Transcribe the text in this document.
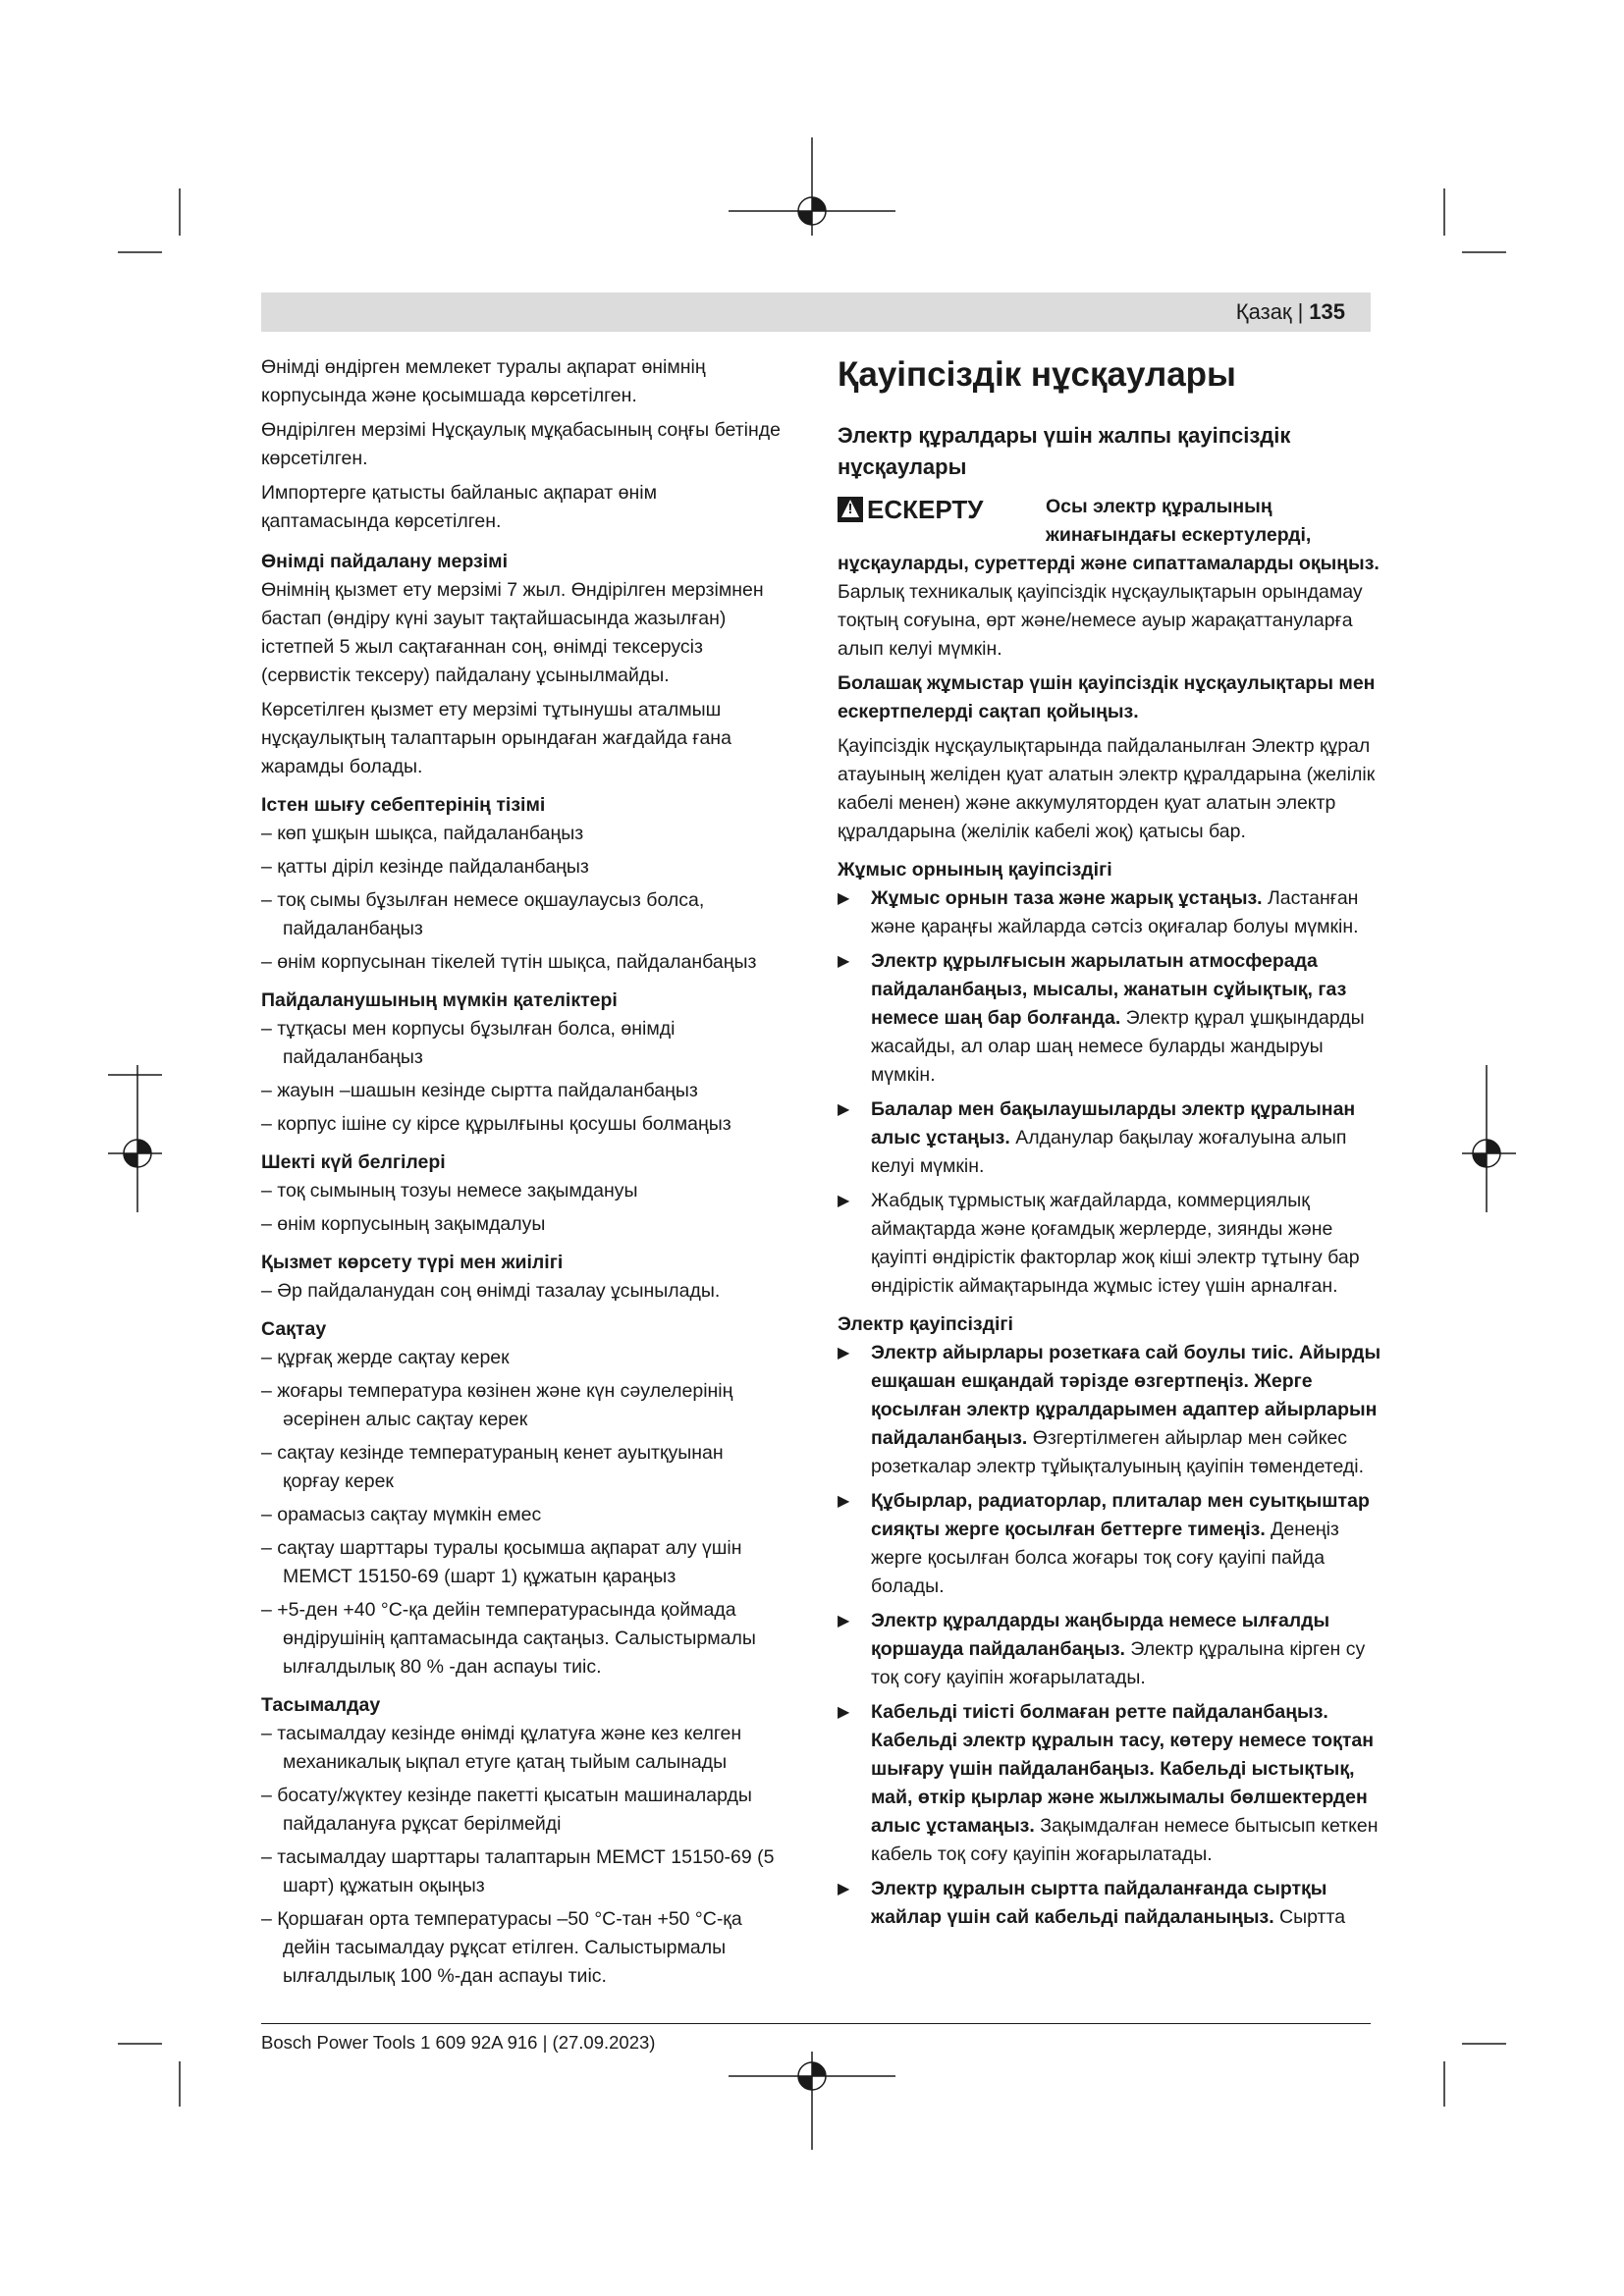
Қазақ | 135

Өнімді өндірген мемлекет туралы ақпарат өнімнің корпусында және қосымшада көрсетілген.

Өндірілген мерзімі Нұсқаулық мұқабасының соңғы бетінде көрсетілген.

Импортерге қатысты байланыс ақпарат өнім қаптамасында көрсетілген.

Өнімді пайдалану мерзімі

Өнімнің қызмет ету мерзімі 7 жыл. Өндірілген мерзімнен бастап (өндіру күні зауыт тақтайшасында жазылған) істетпей 5 жыл сақтағаннан соң, өнімді тексерусіз (сервистік тексеру) пайдалану ұсынылмайды.

Көрсетілген қызмет ету мерзімі тұтынушы аталмыш нұсқаулықтың талаптарын орындаған жағдайда ғана жарамды болады.

Істен шығу себептерінің тізімі
– көп ұшқын шықса, пайдаланбаңыз
– қатты діріл кезінде пайдаланбаңыз
– тоқ сымы бұзылған немесе оқшаулаусыз болса, пайдаланбаңыз
– өнім корпусынан тікелей түтін шықса, пайдаланбаңыз
Пайдаланушының мүмкін қателіктері
– тұтқасы мен корпусы бұзылған болса, өнімді пайдаланбаңыз
– жауын –шашын кезінде сыртта пайдаланбаңыз
– корпус ішіне су кірсе құрылғыны қосушы болмаңыз
Шекті күй белгілері
– тоқ сымының тозуы немесе зақымдануы
– өнім корпусының зақымдалуы
Қызмет көрсету түрі мен жиілігі
– Әр пайдаланудан соң өнімді тазалау ұсынылады.
Сақтау
– құрғақ жерде сақтау керек
– жоғары температура көзінен және күн сәулелерінің әсерінен алыс сақтау керек
– сақтау кезінде температураның кенет ауытқуынан қорғау керек
– орамасыз сақтау мүмкін емес
– сақтау шарттары туралы қосымша ақпарат алу үшін МЕМСТ 15150-69 (шарт 1) құжатын қараңыз
– +5-ден +40 °C-қа дейін температурасында қоймада өндірушінің қаптамасында сақтаңыз. Салыстырмалы ылғалдылық 80 % -дан аспауы тиіс.
Тасымалдау
– тасымалдау кезінде өнімді құлатуға және кез келген механикалық ықпал етуге қатаң тыйым салынады
– босату/жүктеу кезінде пакетті қысатын машиналарды пайдалануға рұқсат берілмейді
– тасымалдау шарттары талаптарын МЕМСТ 15150-69 (5 шарт) құжатын оқыңыз
– Қоршаған орта температурасы –50 °C-тан +50 °C-қа дейін тасымалдау рұқсат етілген. Салыстырмалы ылғалдылық 100 %-дан аспауы тиіс.
Қауіпсіздік нұсқаулары
Электр құралдары үшін жалпы қауіпсіздік нұсқаулары
! ЕСКЕРТУ	Осы электр құралының жинағындағы ескертулерді,

нұсқауларды, суреттерді және сипаттамаларды оқыңыз. Барлық техникалық қауіпсіздік нұсқаулықтарын орындамау тоқтың соғуына, өрт және/немесе ауыр жарақаттануларға алып келуі мүмкін.

Болашақ жұмыстар үшін қауіпсіздік нұсқаулықтары мен ескертпелерді сақтап қойыңыз.

Қауіпсіздік нұсқаулықтарында пайдаланылған Электр құрал атауының желіден қуат алатын электр құралдарына (желілік кабелі менен) және аккумуляторден қуат алатын электр құралдарына (желілік кабелі жоқ) қатысы бар.

Жұмыс орнының қауіпсіздігі
▶ Жұмыс орнын таза және жарық ұстаңыз. Ластанған және қараңғы жайларда сәтсіз оқиғалар болуы мүмкін.
▶ Электр құрылғысын жарылатын атмосферада пайдаланбаңыз, мысалы, жанатын сұйықтық, газ немесе шаң бар болғанда. Электр құрал ұшқындарды жасайды, ал олар шаң немесе буларды жандыруы мүмкін.
▶ Балалар мен бақылаушыларды электр құралынан алыс ұстаңыз. Алданулар бақылау жоғалуына алып келуі мүмкін.
▶ Жабдық тұрмыстық жағдайларда, коммерциялық аймақтарда және қоғамдық жерлерде, зиянды және қауіпті өндірістік факторлар жоқ кіші электр тұтыну бар өндірістік аймақтарында жұмыс істеу үшін арналған.
Электр қауіпсіздігі
▶ Электр айырлары розеткаға сай боулы тиіс. Айырды ешқашан ешқандай тәрізде өзгертпеңіз. Жерге қосылған электр құралдарымен адаптер айырларын пайдаланбаңыз. Өзгертілмеген айырлар мен сәйкес розеткалар электр тұйықталуының қауіпін төмендетеді.
▶ Құбырлар, радиаторлар, плиталар мен суытқыштар сияқты жерге қосылған беттерге тимеңіз. Денеңіз жерге қосылған болса жоғары тоқ соғу қауіпі пайда болады.
▶ Электр құралдарды жаңбырда немесе ылғалды қоршауда пайдаланбаңыз. Электр құралына кірген су тоқ соғу қауіпін жоғарылатады.
▶ Кабельді тиісті болмаған ретте пайдаланбаңыз. Кабельді электр құралын тасу, көтеру немесе тоқтан шығару үшін пайдаланбаңыз. Кабельді ыстықтық, май, өткір қырлар және жылжымалы бөлшектерден алыс ұстамаңыз. Зақымдалған немесе бытысып кеткен кабель тоқ соғу қауіпін жоғарылатады.
▶ Электр құралын сыртта пайдаланғанда сыртқы жайлар үшін сай кабельді пайдаланыңыз. Сыртта
Bosch Power Tools 1 609 92A 916 | (27.09.2023)
